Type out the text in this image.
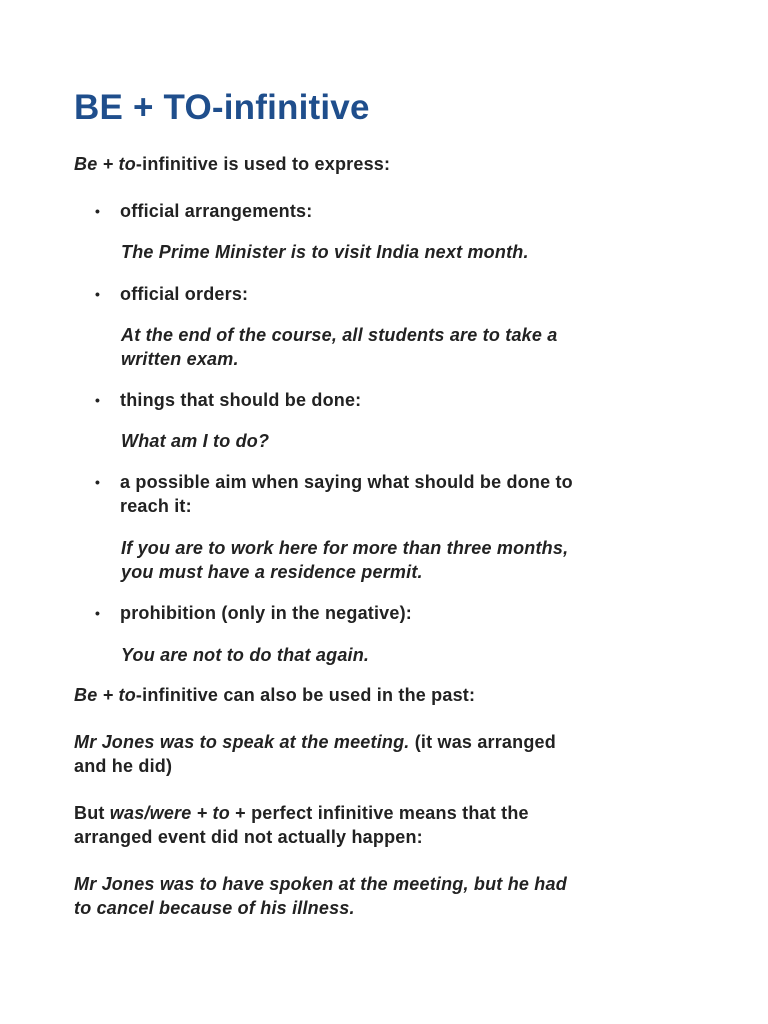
BE + TO-infinitive

Be + to-infinitive is used to express:

• official arrangements:

The Prime Minister is to visit India next month.

• official orders:

At the end of the course, all students are to take a

written exam.

• things that should be done:

What am I to do?

• a possible aim when saying what should be done to

reach it:

If you are to work here for more than three months,

you must have a residence permit.

• prohibition (only in the negative):

You are not to do that again.

Be + to-infinitive can also be used in the past:

Mr Jones was to speak at the meeting. (it was arranged

and he did)

But was/were + to + perfect infinitive means that the

arranged event did not actually happen:

Mr Jones was to have spoken at the meeting, but he had

to cancel because of his illness.
